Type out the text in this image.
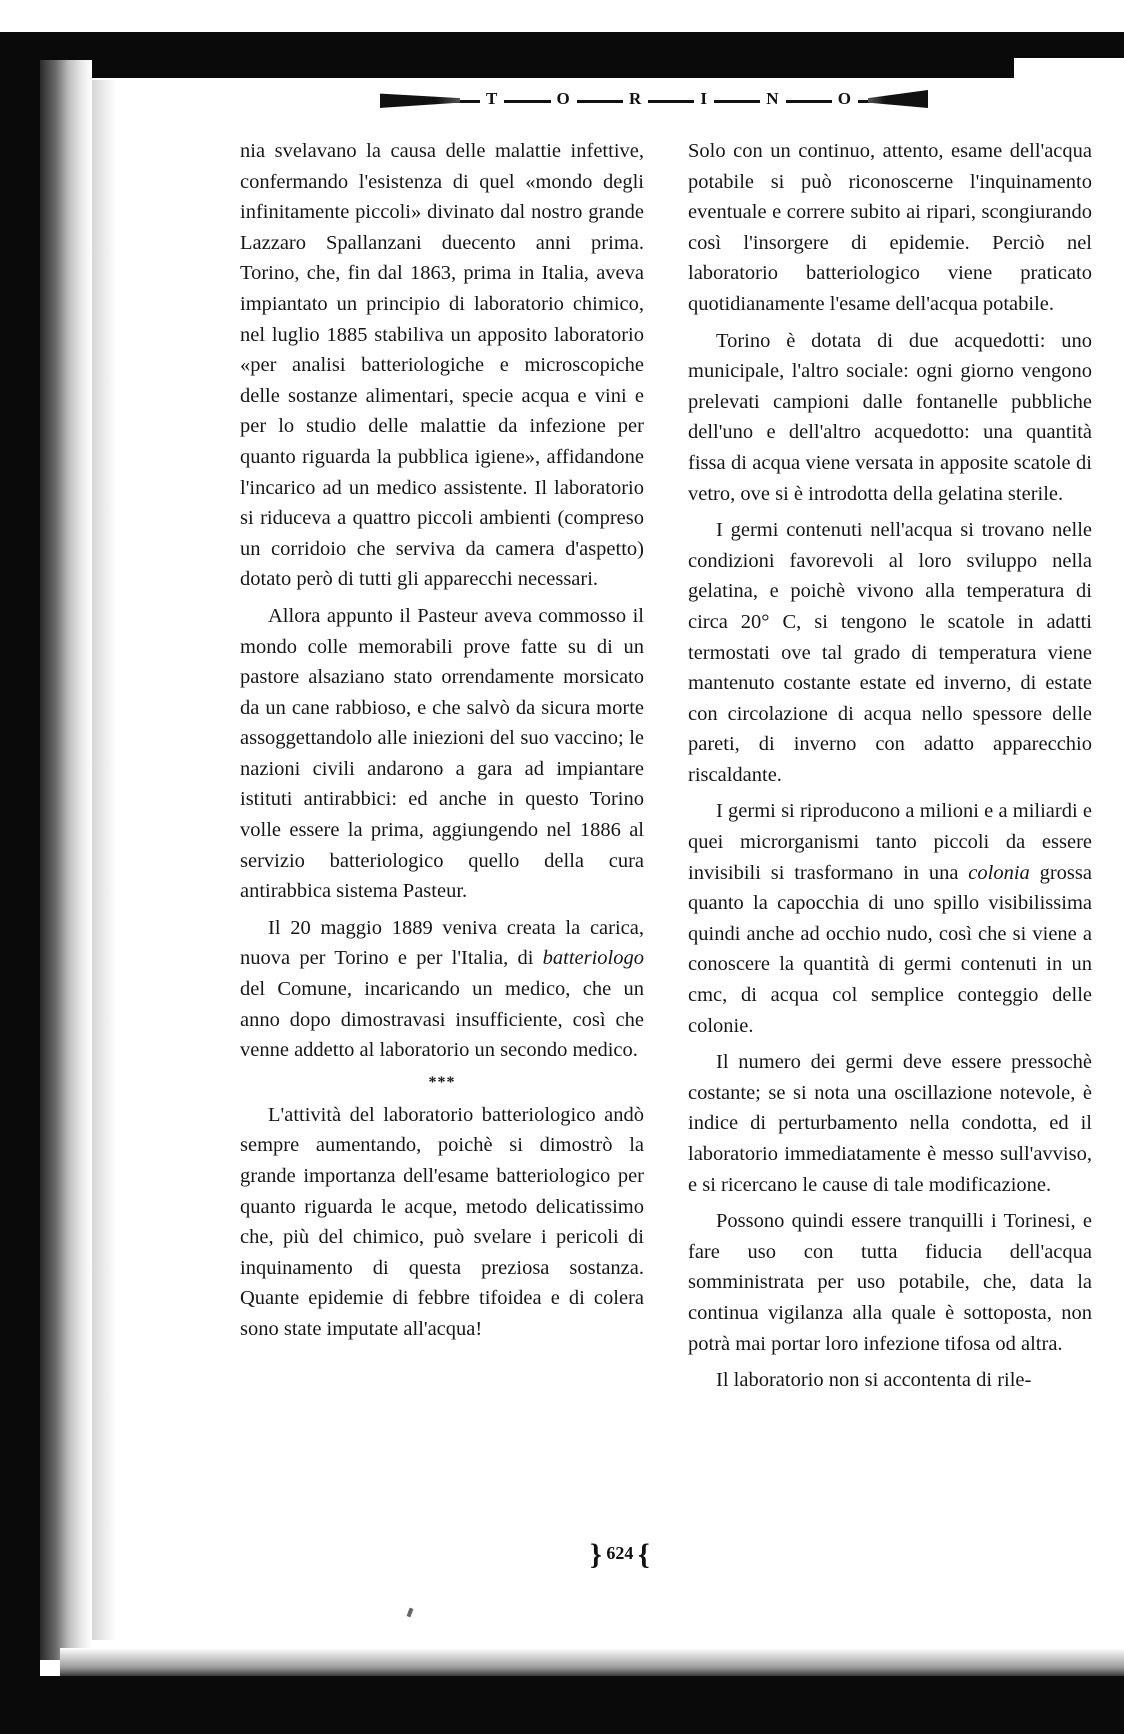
T	O	R	I	N	O

nia svelavano la causa delle malattie infettive, confermando l'esistenza di quel «mondo degli infinitamente piccoli» divinato dal nostro grande Lazzaro Spallanzani duecento anni prima. Torino, che, fin dal 1863, prima in Italia, aveva impiantato un principio di laboratorio chimico, nel luglio 1885 stabiliva un apposito laboratorio «per analisi batteriologiche e microscopiche delle sostanze alimentari, specie acqua e vini e per lo studio delle malattie da infezione per quanto riguarda la pubblica igiene», affidandone l'incarico ad un medico assistente. Il laboratorio si riduceva a quattro piccoli ambienti (compreso un corridoio che serviva da camera d'aspetto) dotato però di tutti gli apparecchi necessari.

Allora appunto il Pasteur aveva commosso il mondo colle memorabili prove fatte su di un pastore alsaziano stato orrendamente morsicato da un cane rabbioso, e che salvò da sicura morte assoggettandolo alle iniezioni del suo vaccino; le nazioni civili andarono a gara ad impiantare istituti antirabbici: ed anche in questo Torino volle essere la prima, aggiungendo nel 1886 al servizio batteriologico quello della cura antirabbica sistema Pasteur.

Il 20 maggio 1889 veniva creata la carica, nuova per Torino e per l'Italia, di batteriologo del Comune, incaricando un medico, che un anno dopo dimostravasi insufficiente, così che venne addetto al laboratorio un secondo medico.

***

L'attività del laboratorio batteriologico andò sempre aumentando, poichè si dimostrò la grande importanza dell'esame batteriologico per quanto riguarda le acque, metodo delicatissimo che, più del chimico, può svelare i pericoli di inquinamento di questa preziosa sostanza. Quante epidemie di febbre tifoidea e di colera sono state imputate all'acqua!

Solo con un continuo, attento, esame dell'acqua potabile si può riconoscerne l'inquinamento eventuale e correre subito ai ripari, scongiurando così l'insorgere di epidemie. Perciò nel laboratorio batteriologico viene praticato quotidianamente l'esame dell'acqua potabile.

Torino è dotata di due acquedotti: uno municipale, l'altro sociale: ogni giorno vengono prelevati campioni dalle fontanelle pubbliche dell'uno e dell'altro acquedotto: una quantità fissa di acqua viene versata in apposite scatole di vetro, ove si è introdotta della gelatina sterile.

I germi contenuti nell'acqua si trovano nelle condizioni favorevoli al loro sviluppo nella gelatina, e poichè vivono alla temperatura di circa 20° C, si tengono le scatole in adatti termostati ove tal grado di temperatura viene mantenuto costante estate ed inverno, di estate con circolazione di acqua nello spessore delle pareti, di inverno con adatto apparecchio riscaldante.

I germi si riproducono a milioni e a miliardi e quei microrganismi tanto piccoli da essere invisibili si trasformano in una colonia grossa quanto la capocchia di uno spillo visibilissima quindi anche ad occhio nudo, così che si viene a conoscere la quantità di germi contenuti in un cmc, di acqua col semplice conteggio delle colonie.

Il numero dei germi deve essere pressochè costante; se si nota una oscillazione notevole, è indice di perturbamento nella condotta, ed il laboratorio immediatamente è messo sull'avviso, e si ricercano le cause di tale modificazione.

Possono quindi essere tranquilli i Torinesi, e fare uso con tutta fiducia dell'acqua somministrata per uso potabile, che, data la continua vigilanza alla quale è sottoposta, non potrà mai portar loro infezione tifosa od altra.

Il laboratorio non si accontenta di rile-

} 624 {
